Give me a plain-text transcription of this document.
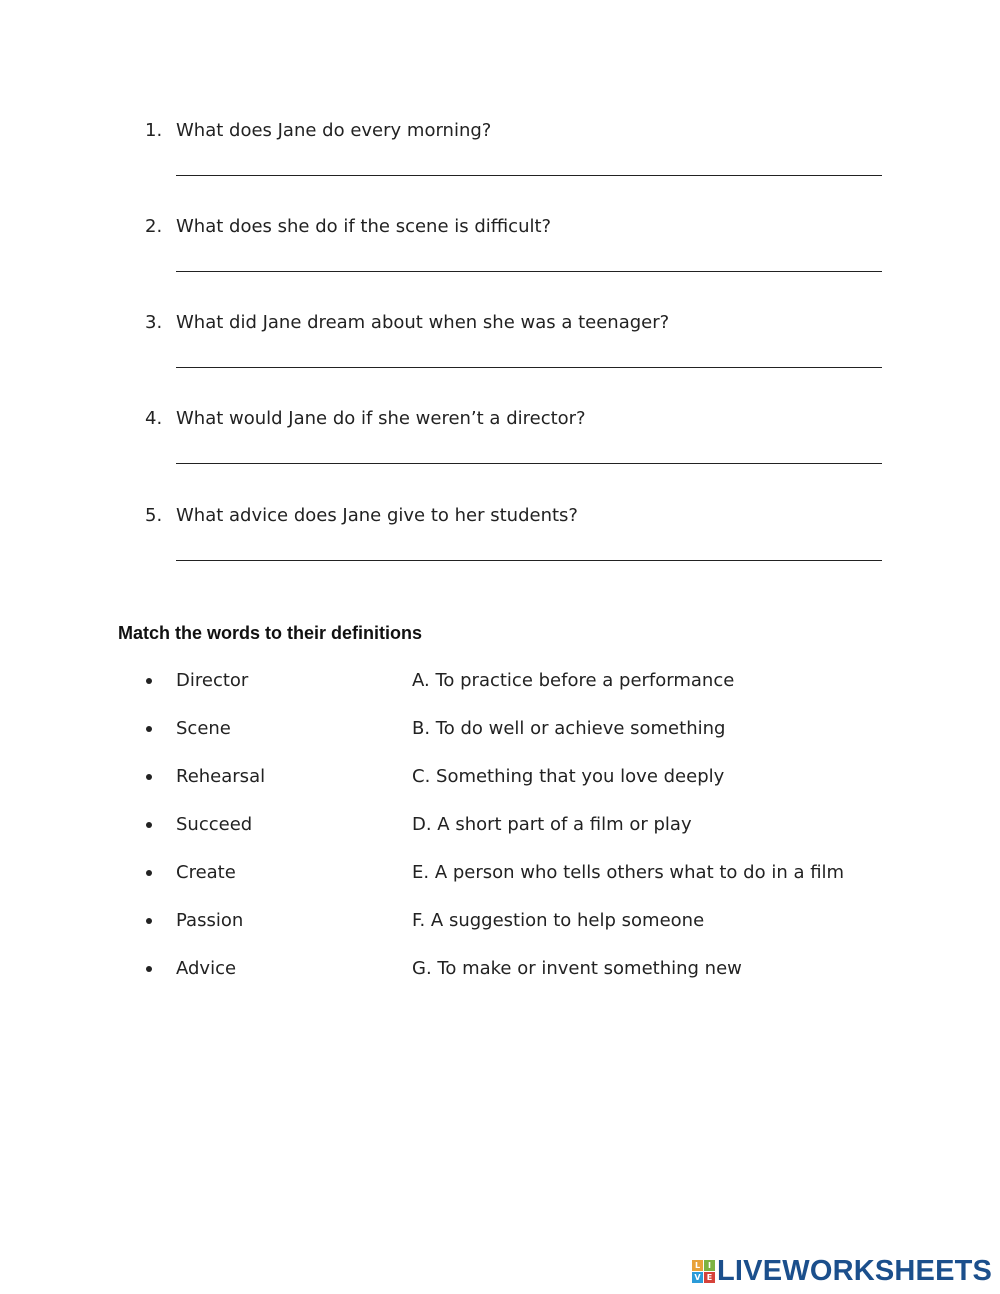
1. What does Jane do every morning?
2. What does she do if the scene is difficult?
3. What did Jane dream about when she was a teenager?
4. What would Jane do if she weren’t a director?
5. What advice does Jane give to her students?
Match the words to their definitions
Director	A. To practice before a performance
Scene	B. To do well or achieve something
Rehearsal	C. Something that you love deeply
Succeed	D. A short part of a film or play
Create	E. A person who tells others what to do in a film
Passion	F. A suggestion to help someone
Advice	G. To make or invent something new
L I
V E LIVEWORKSHEETS
